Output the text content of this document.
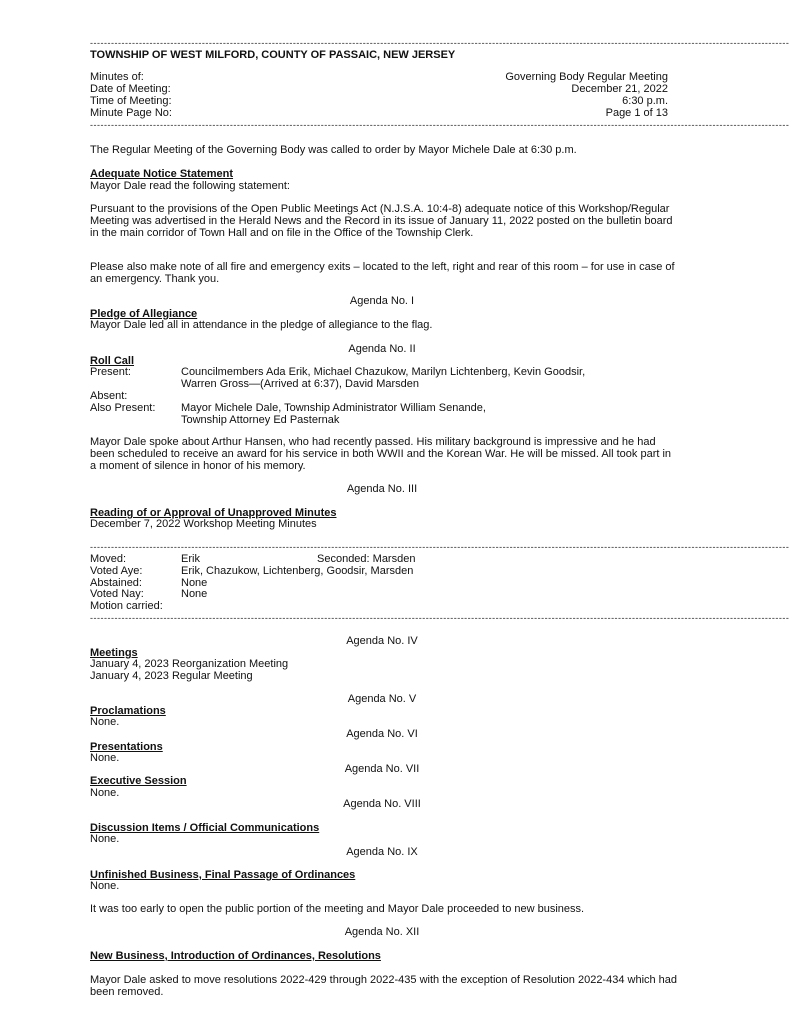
--------------------------------------------------------------------------------------------------------------------------------------------------------------------------------------------------------
TOWNSHIP OF WEST MILFORD, COUNTY OF PASSAIC, NEW JERSEY
Minutes of:	Governing Body Regular Meeting
Date of Meeting:	December 21, 2022
Time of Meeting:	6:30 p.m.
Minute Page No:	Page 1 of 13
--------------------------------------------------------------------------------------------------------------------------------------------------------------------------------------------------------
The Regular Meeting of the Governing Body was called to order by Mayor Michele Dale at 6:30 p.m.
Adequate Notice Statement
Mayor Dale read the following statement:
Pursuant to the provisions of the Open Public Meetings Act (N.J.S.A. 10:4-8) adequate notice of this Workshop/Regular Meeting was advertised in the Herald News and the Record in its issue of January 11, 2022 posted on the bulletin board in the main corridor of Town Hall and on file in the Office of the Township Clerk.
Please also make note of all fire and emergency exits – located to the left, right and rear of this room – for use in case of an emergency. Thank you.
Agenda No. I
Pledge of Allegiance
Mayor Dale led all in attendance in the pledge of allegiance to the flag.
Agenda No. II
Roll Call
Present:	Councilmembers Ada Erik, Michael Chazukow, Marilyn Lichtenberg, Kevin Goodsir,
Warren Gross—(Arrived at 6:37), David Marsden
Absent:
Also Present: Mayor Michele Dale, Township Administrator William Senande,
Township Attorney Ed Pasternak
Mayor Dale spoke about Arthur Hansen, who had recently passed. His military background is impressive and he had been scheduled to receive an award for his service in both WWII and the Korean War. He will be missed. All took part in a moment of silence in honor of his memory.
Agenda No. III
Reading of or Approval of Unapproved Minutes
December 7, 2022 Workshop Meeting Minutes
--------------------------------------------------------------------------------------------------------------------------------------------------------------------------------------------------------
Moved:	Erik	Seconded: Marsden
Voted Aye:	Erik, Chazukow, Lichtenberg, Goodsir, Marsden
Abstained:	None
Voted Nay:	None
Motion carried:
--------------------------------------------------------------------------------------------------------------------------------------------------------------------------------------------------------
Agenda No. IV
Meetings
January 4, 2023 Reorganization Meeting
January 4, 2023 Regular Meeting
Agenda No. V
Proclamations
None.
Agenda No. VI
Presentations
None.
Agenda No. VII
Executive Session
None.
Agenda No. VIII
Discussion Items / Official Communications
None.
Agenda No. IX
Unfinished Business, Final Passage of Ordinances
None.
It was too early to open the public portion of the meeting and Mayor Dale proceeded to new business.
Agenda No. XII
New Business, Introduction of Ordinances, Resolutions
Mayor Dale asked to move resolutions 2022-429 through 2022-435 with the exception of Resolution 2022-434 which had been removed.
